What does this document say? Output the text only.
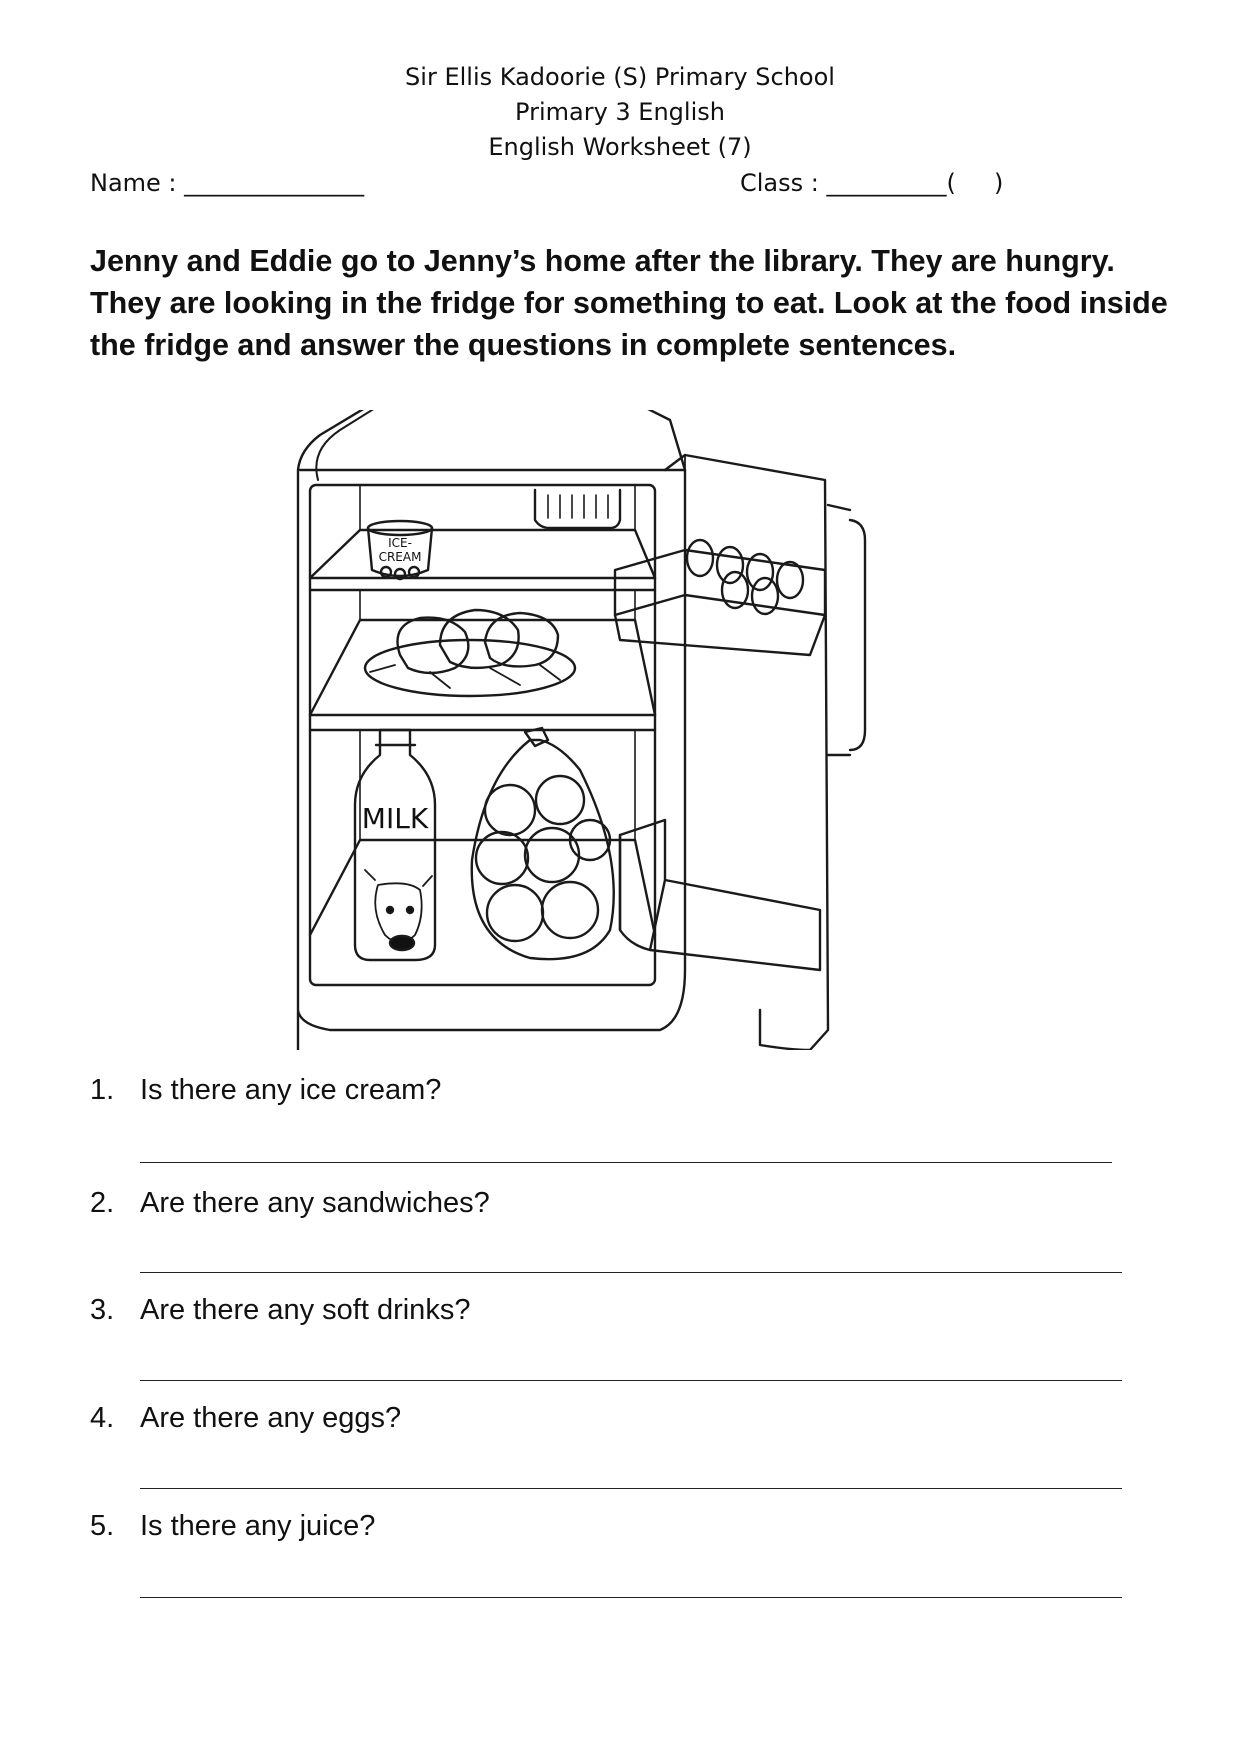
Sir Ellis Kadoorie (S) Primary School
Primary 3 English
English Worksheet (7)
Name : _______________	Class : __________(     )
Jenny and Eddie go to Jenny’s home after the library. They are hungry. They are looking in the fridge for something to eat. Look at the food inside the fridge and answer the questions in complete sentences.
ICE-
CREAM
MILK
1. Is there any ice cream?
2. Are there any sandwiches?
3. Are there any soft drinks?
4. Are there any eggs?
5. Is there any juice?
